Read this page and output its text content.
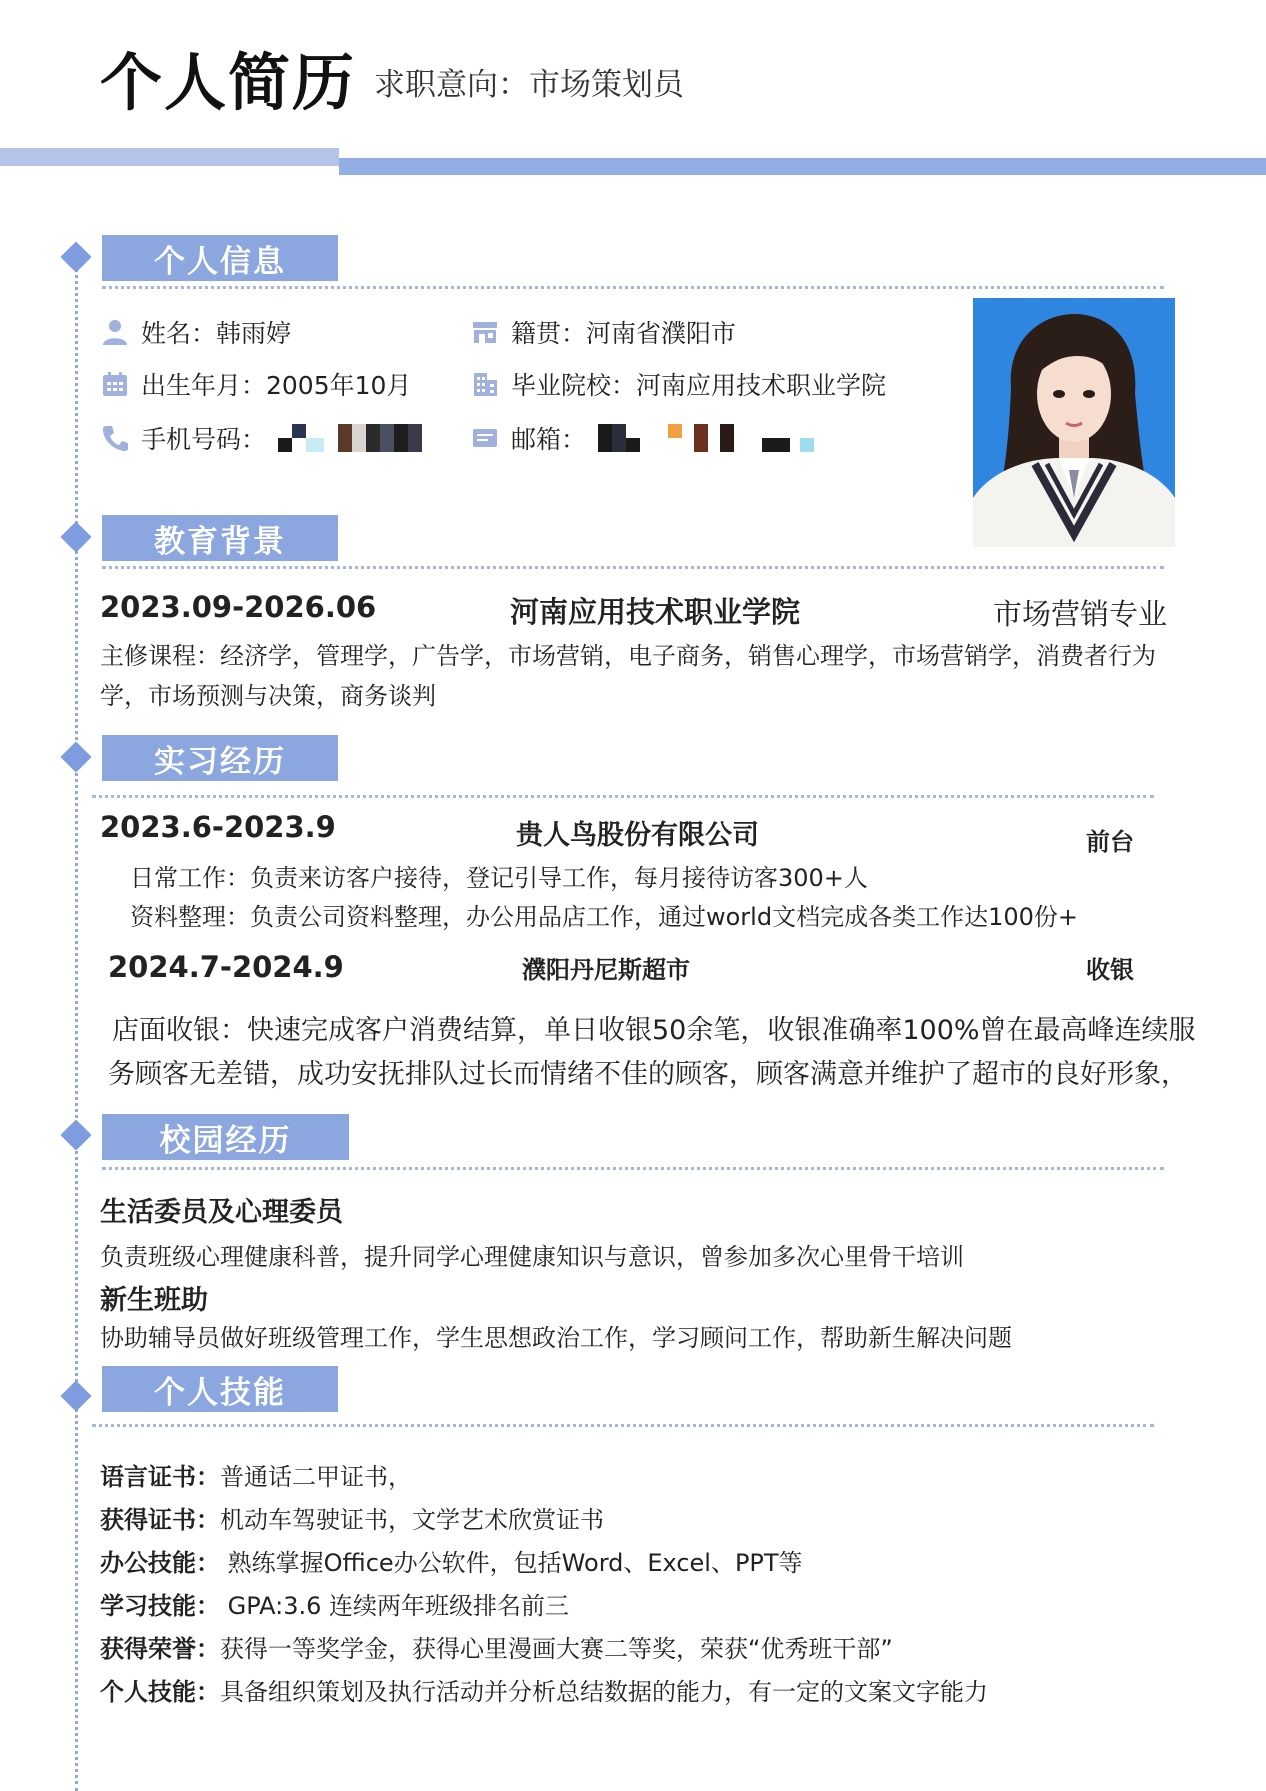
个人简历 求职意向：市场策划员
个人信息
姓名：韩雨婷	籍贯：河南省濮阳市
出生年月：2005年10月	毕业院校：河南应用技术职业学院
手机号码：	邮箱：
教育背景
2023.09-2026.06	河南应用技术职业学院	市场营销专业
主修课程：经济学，管理学，广告学，市场营销，电子商务，销售心理学，市场营销学，消费者行为
学，市场预测与决策，商务谈判
实习经历
2023.6-2023.9	贵人鸟股份有限公司	前台
日常工作：负责来访客户接待，登记引导工作，每月接待访客300+人
资料整理：负责公司资料整理，办公用品店工作，通过world文档完成各类工作达100份+
2024.7-2024.9	濮阳丹尼斯超市	收银
店面收银：快速完成客户消费结算，单日收银50余笔，收银准确率100%曾在最高峰连续服
务顾客无差错，成功安抚排队过长而情绪不佳的顾客，顾客满意并维护了超市的良好形象，
校园经历
生活委员及心理委员
负责班级心理健康科普，提升同学心理健康知识与意识，曾参加多次心里骨干培训
新生班助
协助辅导员做好班级管理工作，学生思想政治工作，学习顾问工作，帮助新生解决问题
个人技能
语言证书：普通话二甲证书，
获得证书：机动车驾驶证书，文学艺术欣赏证书
办公技能： 熟练掌握Office办公软件，包括Word、Excel、PPT等
学习技能： GPA:3.6 连续两年班级排名前三
获得荣誉：获得一等奖学金，获得心里漫画大赛二等奖，荣获“优秀班干部”
个人技能：具备组织策划及执行活动并分析总结数据的能力，有一定的文案文字能力
